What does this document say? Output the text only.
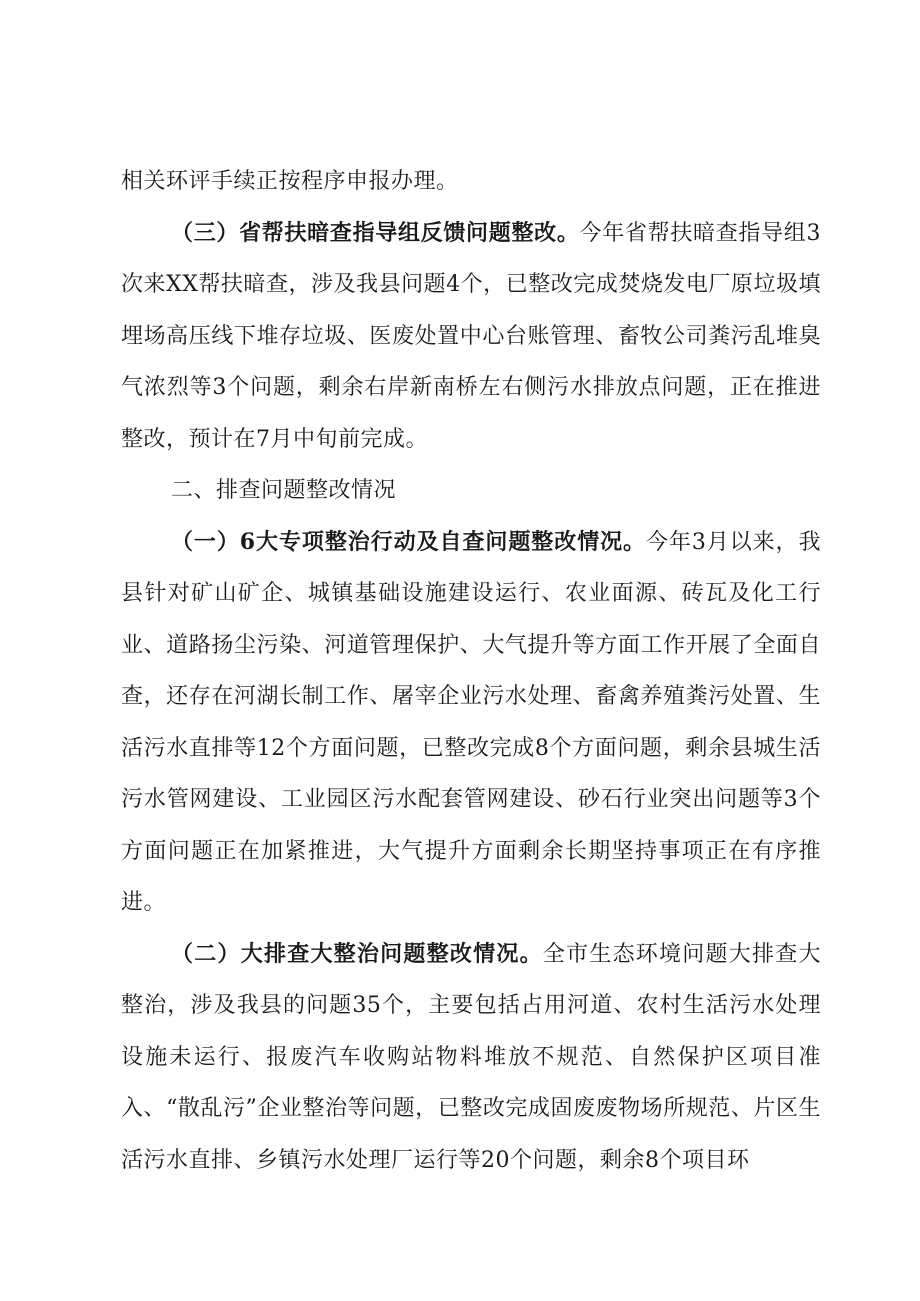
相关环评手续正按程序申报办理。

（三）省帮扶暗查指导组反馈问题整改。今年省帮扶暗查指导组3次来XX帮扶暗查，涉及我县问题4个，已整改完成焚烧发电厂原垃圾填埋场高压线下堆存垃圾、医废处置中心台账管理、畜牧公司粪污乱堆臭气浓烈等3个问题，剩余右岸新南桥左右侧污水排放点问题，正在推进整改，预计在7月中旬前完成。

二、排查问题整改情况

（一）6大专项整治行动及自查问题整改情况。今年3月以来，我县针对矿山矿企、城镇基础设施建设运行、农业面源、砖瓦及化工行业、道路扬尘污染、河道管理保护、大气提升等方面工作开展了全面自查，还存在河湖长制工作、屠宰企业污水处理、畜禽养殖粪污处置、生活污水直排等12个方面问题，已整改完成8个方面问题，剩余县城生活污水管网建设、工业园区污水配套管网建设、砂石行业突出问题等3个方面问题正在加紧推进，大气提升方面剩余长期坚持事项正在有序推进。

（二）大排查大整治问题整改情况。全市生态环境问题大排查大整治，涉及我县的问题35个，主要包括占用河道、农村生活污水处理设施未运行、报废汽车收购站物料堆放不规范、自然保护区项目准入、“散乱污”企业整治等问题，已整改完成固废废物场所规范、片区生活污水直排、乡镇污水处理厂运行等20个问题，剩余8个项目环
